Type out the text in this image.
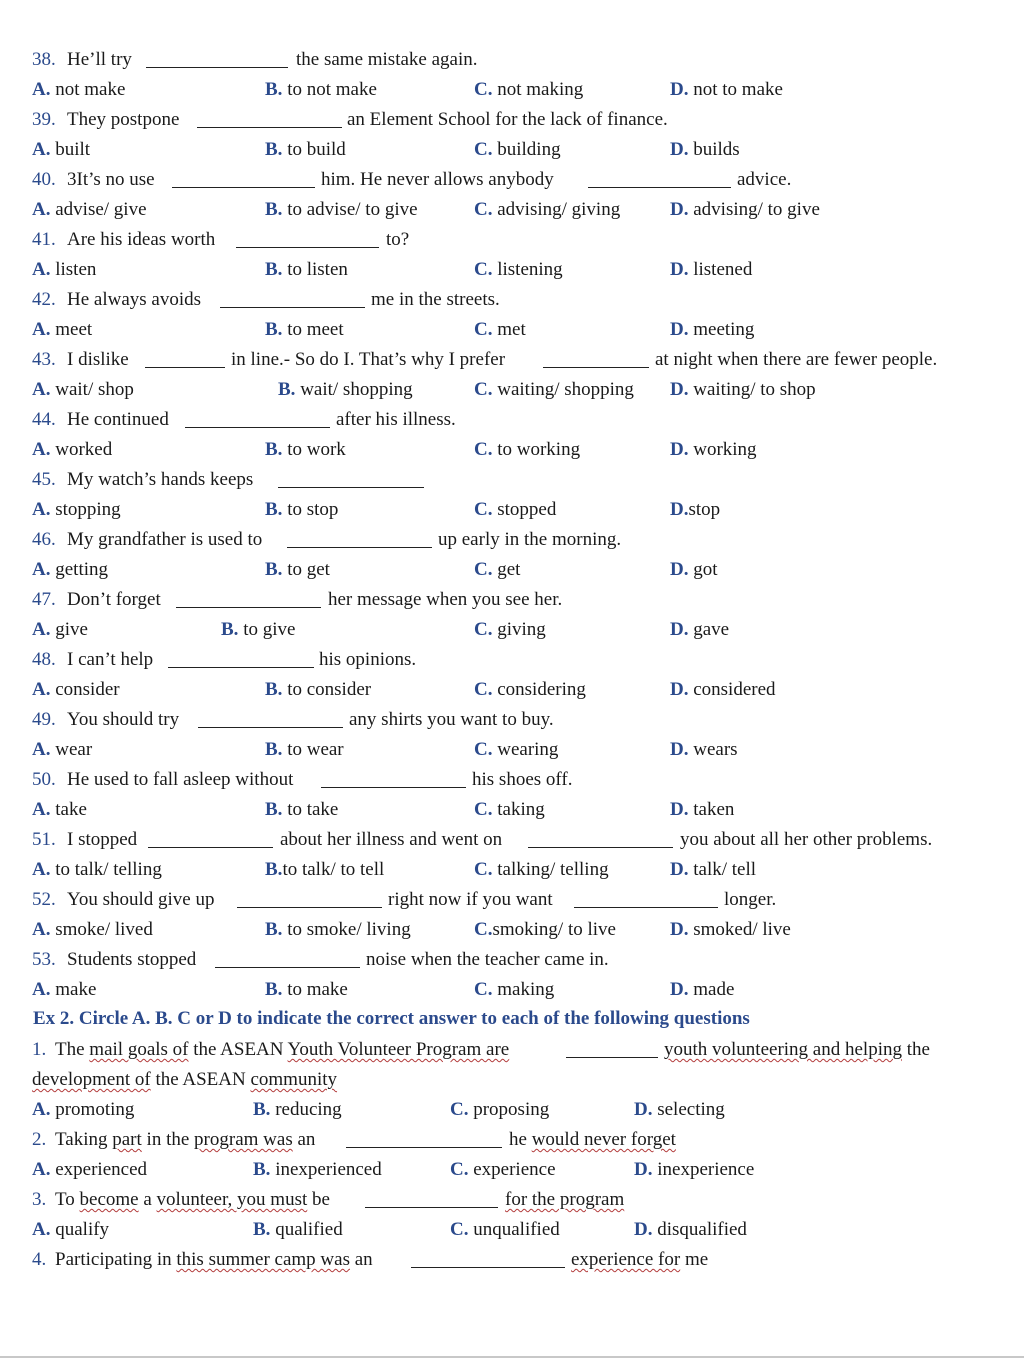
38. He’ll try	the same mistake again.
A. not make	B. to not make	C. not making	D. not to make
39. They postpone	an Element School for the lack of finance.
A. built	B. to build	C. building	D. builds
40. 3It’s no use	him. He never allows anybody	advice.
A. advise/ give	B. to advise/ to give	C. advising/ giving	D. advising/ to give
41. Are his ideas worth	to?
A. listen	B. to listen	C. listening	D. listened
42. He always avoids	me in the streets.
A. meet	B. to meet	C. met	D. meeting
43. I dislike	in line.- So do I. That’s why I prefer	at night when there are fewer people.
A. wait/ shop	B. wait/ shopping	C. waiting/ shopping D. waiting/ to shop
44. He continued	after his illness.
A. worked	B. to work	C. to working	D. working
45. My watch’s hands keeps
A. stopping	B. to stop	C. stopped	D.stop
46. My grandfather is used to	up early in the morning.
A. getting	B. to get	C. get	D. got
47. Don’t forget	her message when you see her.
A. give	B. to give	C. giving	D. gave
48. I can’t help	his opinions.
A. consider	B. to consider	C. considering	D. considered
49. You should try	any shirts you want to buy.
A. wear	B. to wear	C. wearing	D. wears
50. He used to fall asleep without	his shoes off.
A. take	B. to take	C. taking	D. taken
51. I stopped	about her illness and went on	you about all her other problems.
A. to talk/ telling	B.to talk/ to tell	C. talking/ telling	D. talk/ tell
52. You should give up	right now if you want	longer.
A. smoke/ lived	B. to smoke/ living	C.smoking/ to live	D. smoked/ live
53. Students stopped	noise when the teacher came in.
A. make	B. to make	C. making	D. made
Ex 2. Circle A. B. C or D to indicate the correct answer to each of the following questions
1. The mail goals of the ASEAN Youth Volunteer Program are	youth volunteering and helping the
development of the ASEAN community
A. promoting	B. reducing	C. proposing	D. selecting
2. Taking part in the program was an	he would never forget
A. experienced	B. inexperienced	C. experience	D. inexperience
3. To become a volunteer, you must be	for the program
A. qualify	B. qualified	C. unqualified	D. disqualified
4. Participating in this summer camp was an	experience for me
